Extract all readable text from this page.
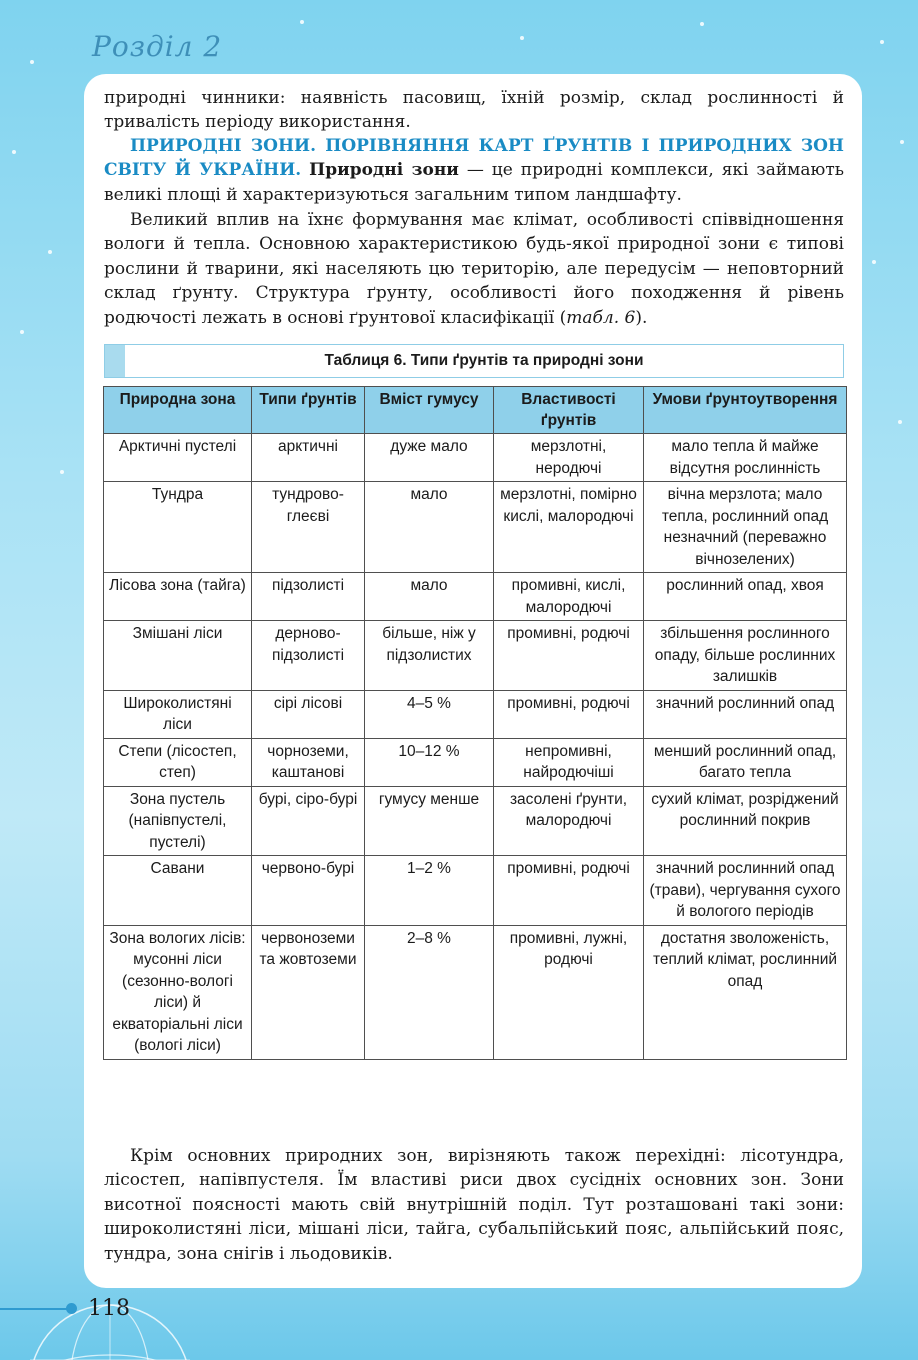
Розділ 2

природні чинники: наявність пасовищ, їхній розмір, склад рослинності й тривалість періоду використання.

ПРИРОДНІ ЗОНИ. ПОРІВНЯННЯ КАРТ ҐРУНТІВ І ПРИРОДНИХ ЗОН СВІТУ Й УКРАЇНИ. Природні зони — це природні комплекси, які займають великі площі й характеризуються загальним типом ландшафту.

Великий вплив на їхнє формування має клімат, особливості співвідношення вологи й тепла. Основною характеристикою будь-якої природної зони є типові рослини й тварини, які населяють цю територію, але передусім — неповторний склад ґрунту. Структура ґрунту, особливості його походження й рівень родючості лежать в основі ґрунтової класифікації (табл. 6).

Таблиця 6. Типи ґрунтів та природні зони
Природна зона	Типи ґрунтів	Вміст гумусу	Властивості ґрунтів	Умови ґрунтоутворення
Арктичні пустелі	арктичні	дуже мало	мерзлотні, неродючі	мало тепла й майже відсутня рослинність
Тундра	тундрово-глеєві	мало	мерзлотні, помірно кислі, малородючі	вічна мерзлота; мало тепла, рослинний опад незначний (переважно вічнозелених)
Лісова зона (тайга)	підзолисті	мало	промивні, кислі, малородючі	рослинний опад, хвоя
Змішані ліси	дерново-підзолисті	більше, ніж у підзолистих	промивні, родючі	збільшення рослинного опаду, більше рослинних залишків
Широколистяні ліси	сірі лісові	4–5 %	промивні, родючі	значний рослинний опад
Степи (лісостеп, степ)	чорноземи, каштанові	10–12 %	непромивні, найродючіші	менший рослинний опад, багато тепла
Зона пустель (напівпустелі, пустелі)	бурі, сіро-бурі	гумусу менше	засолені ґрунти, малородючі	сухий клімат, розріджений рослинний покрив
Савани	червоно-бурі	1–2 %	промивні, родючі	значний рослинний опад (трави), чергування сухого й вологого періодів
Зона вологих лісів: мусонні ліси (сезонно-вологі ліси) й екваторіальні ліси (вологі ліси)	червоноземи та жовтоземи	2–8 %	промивні, лужні, родючі	достатня зволоженість, теплий клімат, рослинний опад

Крім основних природних зон, вирізняють також перехідні: лісотундра, лісостеп, напівпустеля. Їм властиві риси двох сусідніх основних зон. Зони висотної поясності мають свій внутрішній поділ. Тут розташовані такі зони: широколистяні ліси, мішані ліси, тайга, субальпійський пояс, альпійський пояс, тундра, зона снігів і льодовиків.

118
